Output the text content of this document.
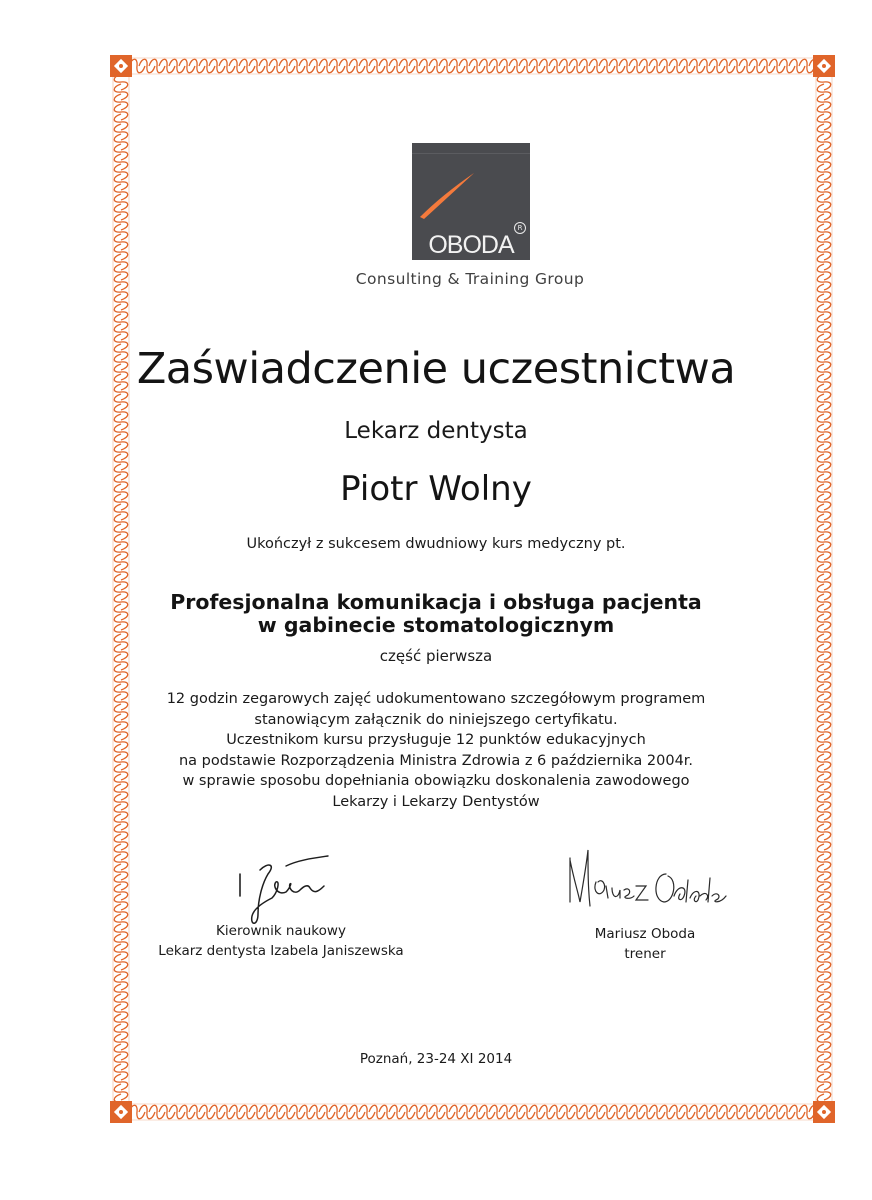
R
OBODA
Consulting & Training Group
Zaświadczenie uczestnictwa
Lekarz dentysta
Piotr Wolny
Ukończył z sukcesem dwudniowy kurs medyczny pt.
Profesjonalna komunikacja i obsługa pacjenta
w gabinecie stomatologicznym
część pierwsza
12 godzin zegarowych zajęć udokumentowano szczegółowym programem
stanowiącym załącznik do niniejszego certyfikatu.
Uczestnikom kursu przysługuje 12 punktów edukacyjnych
na podstawie Rozporządzenia Ministra Zdrowia z 6 października 2004r.
w sprawie sposobu dopełniania obowiązku doskonalenia zawodowego
Lekarzy i Lekarzy Dentystów
Kierownik naukowy
Lekarz dentysta Izabela Janiszewska
Mariusz Oboda
trener
Poznań, 23-24 XI 2014
